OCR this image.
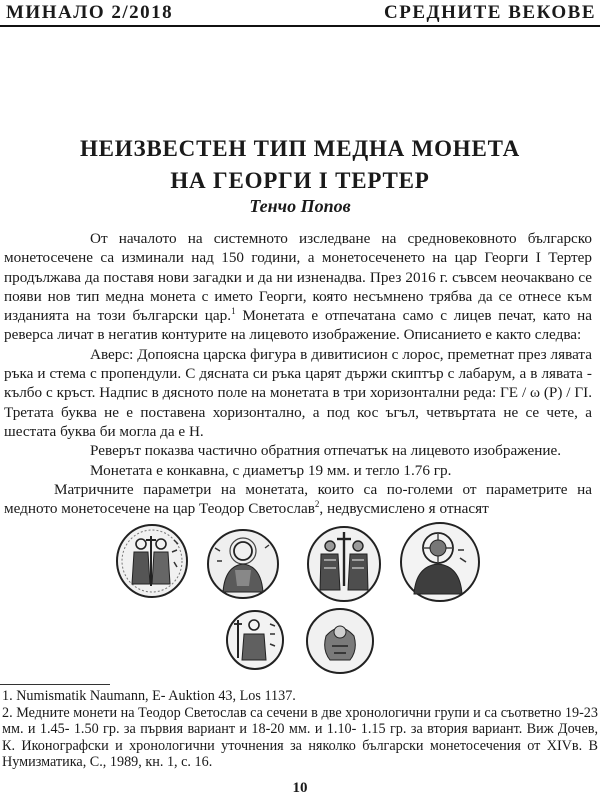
МИНАЛО 2/2018	СРЕДНИТЕ ВЕКОВЕ
НЕИЗВЕСТЕН ТИП МЕДНА МОНЕТА
НА ГЕОРГИ І ТЕРТЕР
Тенчо Попов

От началото на системното изследване на средновековното българско монетосечене са изминали над 150 години, а монетосеченето на цар Георги І Тертер продължава да поставя нови загадки и да ни изненадва. През 2016 г. съвсем неочаквано се появи нов тип медна монета с името Георги, която несъмнено трябва да се отнесе към изданията на този български цар.$^1$ Монетата е отпечатана само с лицев печат, като на реверса личат в негатив контурите на лицевото изображение. Описанието е както следва:

Аверс: Допоясна царска фигура в дивитисион с лорос, преметнат през лявата ръка и стема с пропендули. С дясната си ръка царят държи скиптър с лабарум, а в лявата - кълбо с кръст. Надпис в дясното поле на монетата в три хоризонтални реда: ГЕ / ω (Р) / ГІ. Третата буква не е поставена хоризонтално, а под кос ъгъл, четвъртата не се чете, а шестата буква би могла да е Н.

Реверът показва частично обратния отпечатък на лицевото изображение.

Монетата е конкавна, с диаметър 19 мм. и тегло 1.76 гр.

Матричните параметри на монетата, които са по-големи от параметрите на медното монетосечене на цар Теодор Светослав$^2$, недвусмислено я отнасят

1. Numismatik Naumann, E- Auktion 43, Los 1137.

2. Медните монети на Теодор Светослав са сечени в две хронологични групи и са съответно 19-23 мм. и 1.45- 1.50 гр. за първия вариант и 18-20 мм. и 1.10- 1.15 гр. за втория вариант. Виж Дочев, К. Иконографски и хронологични уточнения за няколко български монетосечения от XIVв. В Нумизматика, С., 1989, кн. 1, с. 16.

10
